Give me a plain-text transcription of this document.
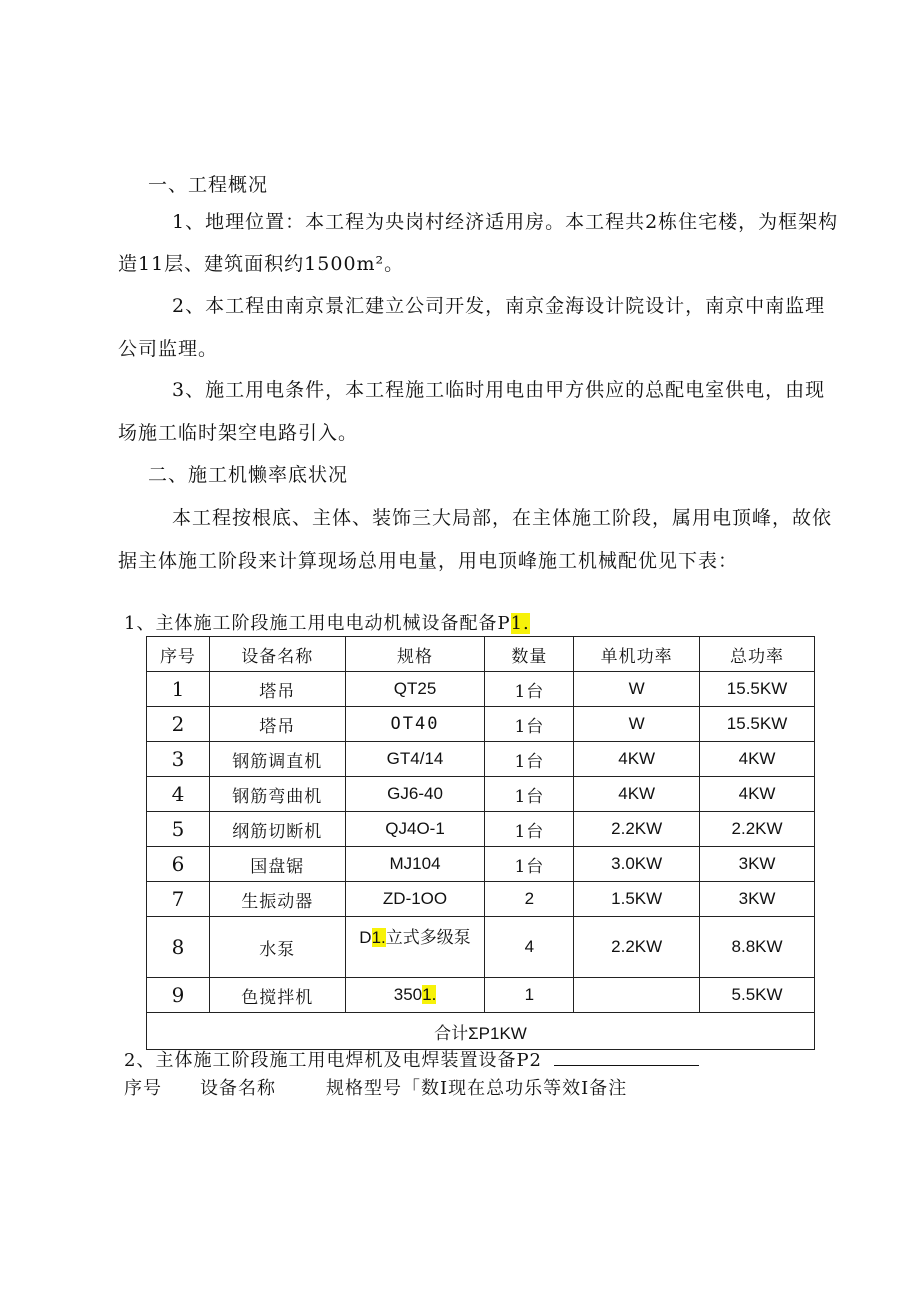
一、工程概况
1、地理位置：本工程为央岗村经济适用房。本工程共2栋住宅楼，为框架构
造11层、建筑面积约1500m²。
2、本工程由南京景汇建立公司开发，南京金海设计院设计，南京中南监理
公司监理。
3、施工用电条件，本工程施工临时用电由甲方供应的总配电室供电，由现
场施工临时架空电路引入。
二、施工机懒率底状况
本工程按根底、主体、装饰三大局部，在主体施工阶段，属用电顶峰，故依
据主体施工阶段来计算现场总用电量，用电顶峰施工机械配优见下表：
1、主体施工阶段施工用电电动机械设备配备P1.
序号	设备名称	规格	数量	单机功率	总功率
1	塔吊	QT25	1台	W	15.5KW
2	塔吊	OT40	1台	W	15.5KW
3	钢筋调直机	GT4/14	1台	4KW	4KW
4	钢筋弯曲机	GJ6-40	1台	4KW	4KW
5	纲筋切断机	QJ4O-1	1台	2.2KW	2.2KW
6	国盘锯	MJ104	1台	3.0KW	3KW
7	生振动器	ZD-1OO	2	1.5KW	3KW
8	水泵	D1.立式多级泵	4	2.2KW	8.8KW
9	色搅拌机	3501.	1		5.5KW
合计ΣP1KW					
2、主体施工阶段施工用电焊机及电焊装置设备P2
序号 设备名称	规格型号「数I现在总功乐等效I备注
